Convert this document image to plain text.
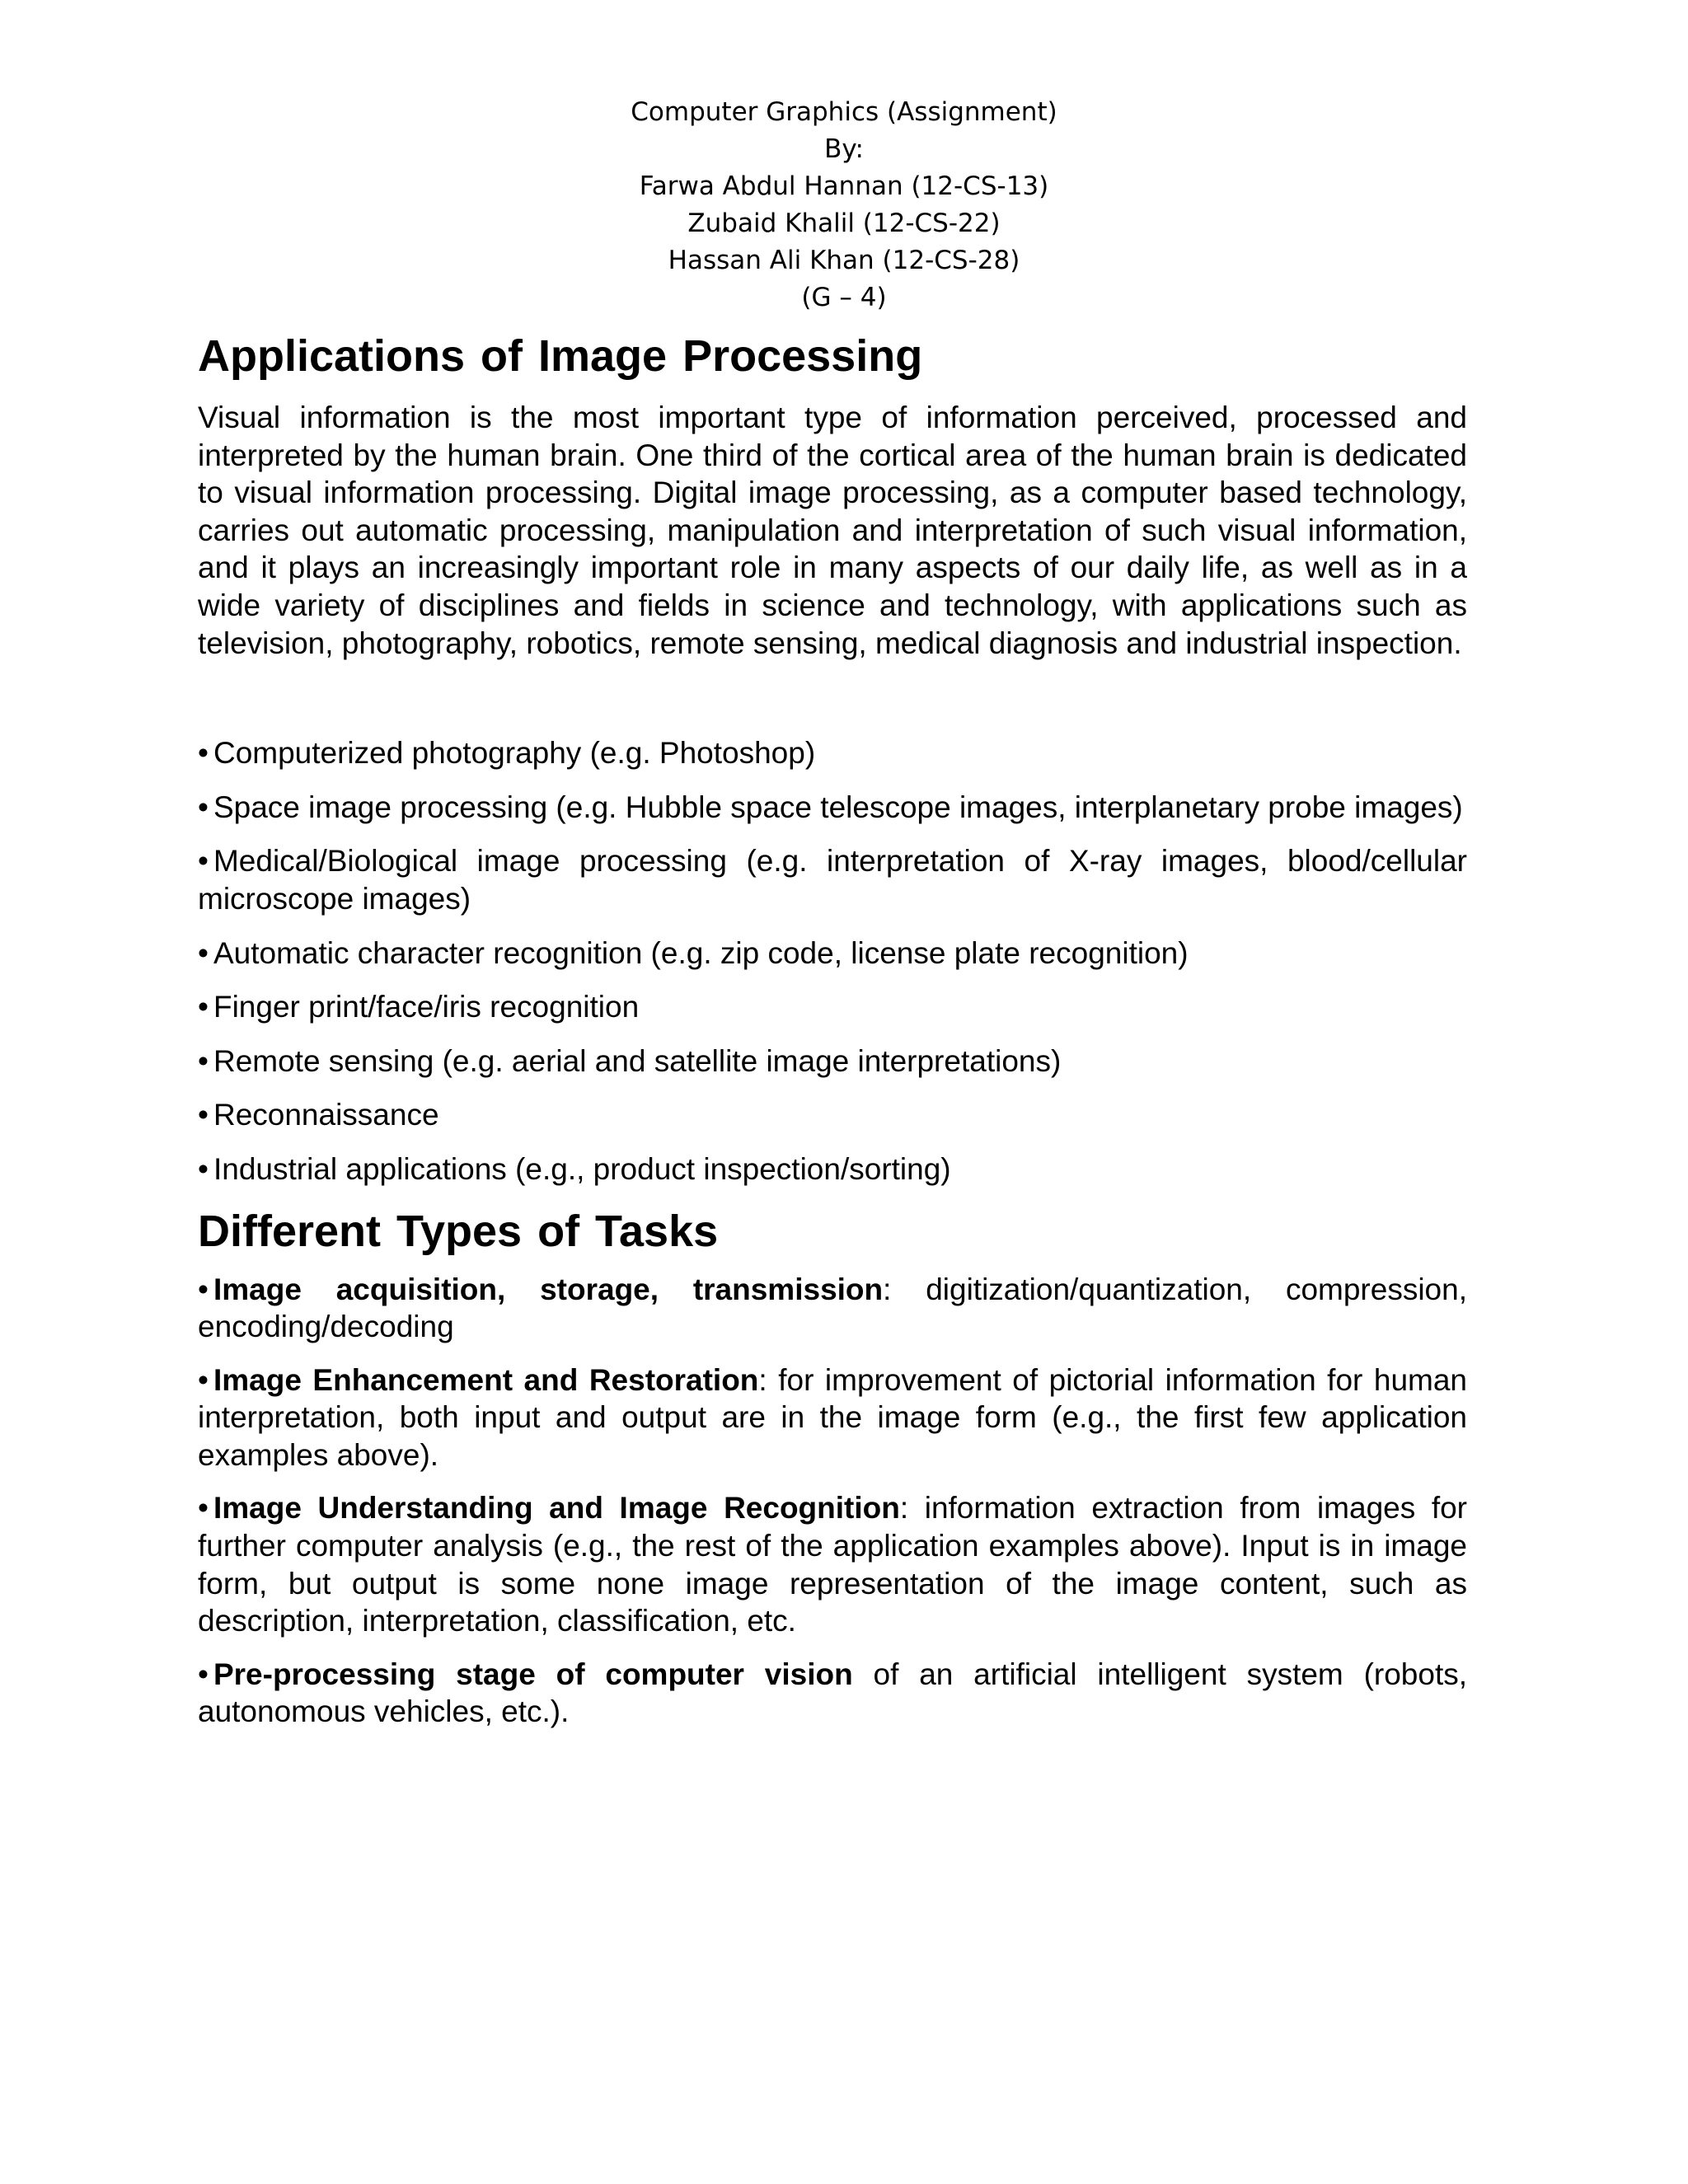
Computer Graphics (Assignment)
By:
Farwa Abdul Hannan (12-CS-13)
Zubaid Khalil (12-CS-22)
Hassan Ali Khan (12-CS-28)
(G – 4)
Applications of Image Processing

Visual information is the most important type of information perceived, processed and interpreted by the human brain. One third of the cortical area of the human brain is dedicated to visual information processing. Digital image processing, as a computer based technology, carries out automatic processing, manipulation and interpretation of such visual information, and it plays an increasingly important role in many aspects of our daily life, as well as in a wide variety of disciplines and fields in science and technology, with applications such as television, photography, robotics, remote sensing, medical diagnosis and industrial inspection.

• Computerized photography (e.g. Photoshop)
• Space image processing (e.g. Hubble space telescope images, interplanetary probe images)
• Medical/Biological image processing (e.g. interpretation of X-ray images, blood/cellular microscope images)
• Automatic character recognition (e.g. zip code, license plate recognition)
• Finger print/face/iris recognition
• Remote sensing (e.g. aerial and satellite image interpretations)
• Reconnaissance
• Industrial applications (e.g., product inspection/sorting)
Different Types of Tasks
• Image acquisition, storage, transmission: digitization/quantization, compression, encoding/decoding
• Image Enhancement and Restoration: for improvement of pictorial information for human interpretation, both input and output are in the image form (e.g., the first few application examples above).
• Image Understanding and Image Recognition: information extraction from images for further computer analysis (e.g., the rest of the application examples above). Input is in image form, but output is some none image representation of the image content, such as description, interpretation, classification, etc.
• Pre-processing stage of computer vision of an artificial intelligent system (robots, autonomous vehicles, etc.).
